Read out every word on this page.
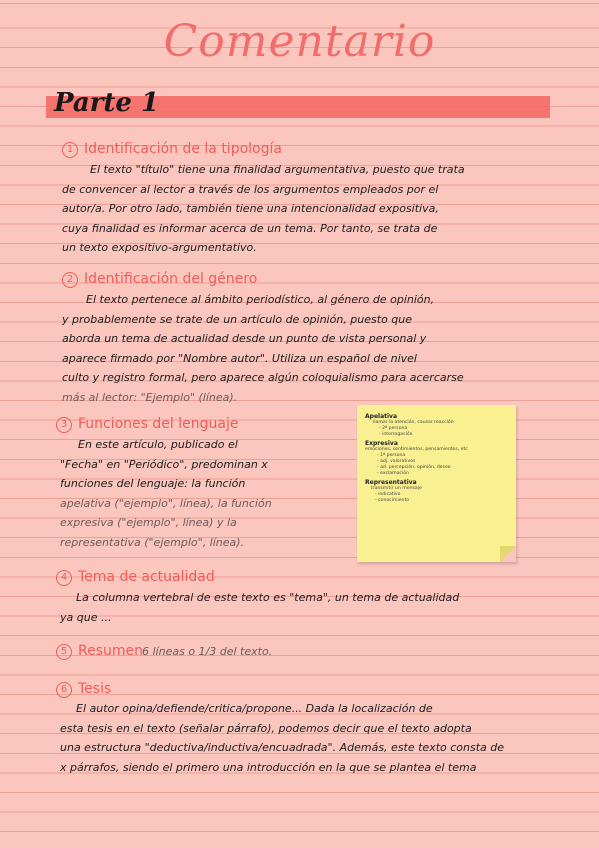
Comentario
Parte 1
1 Identificación de la tipología
El texto "título" tiene una finalidad argumentativa, puesto que trata
de convencer al lector a través de los argumentos empleados por el
autor/a. Por otro lado, también tiene una intencionalidad expositiva,
cuya finalidad es informar acerca de un tema. Por tanto, se trata de
un texto expositivo-argumentativo.
2 Identificación del género
El texto pertenece al ámbito periodístico, al género de opinión,
y probablemente se trate de un artículo de opinión, puesto que
aborda un tema de actualidad desde un punto de vista personal y
aparece firmado por "Nombre autor". Utiliza un español de nivel
culto y registro formal, pero aparece algún coloquialismo para acercarse
más al lector: "Ejemplo" (línea).
3 Funciones del lenguaje
En este artículo, publicado el
"Fecha" en "Periódico", predominan x
funciones del lenguaje: la función
apelativa ("ejemplo", línea), la función
expresiva ("ejemplo", línea) y la
representativa ("ejemplo", línea).
Apelativa
llamar la atención, causar reacción
- 2ª persona
- interrogación
Expresiva
emociones, sentimientos, pensamientos, etc
- 1ª persona
- adj. valorativos
- ad. percepción, opinión, deseo
- exclamación
Representativa
transmitir un mensaje
- indicativo
- conocimiento
4 Tema de actualidad
La columna vertebral de este texto es "tema", un tema de actualidad
ya que ...
5 Resumen
6 líneas o 1/3 del texto.
6 Tesis
El autor opina/defiende/critica/propone... Dada la localización de
esta tesis en el texto (señalar párrafo), podemos decir que el texto adopta
una estructura "deductiva/inductiva/encuadrada". Además, este texto consta de
x párrafos, siendo el primero una introducción en la que se plantea el tema
